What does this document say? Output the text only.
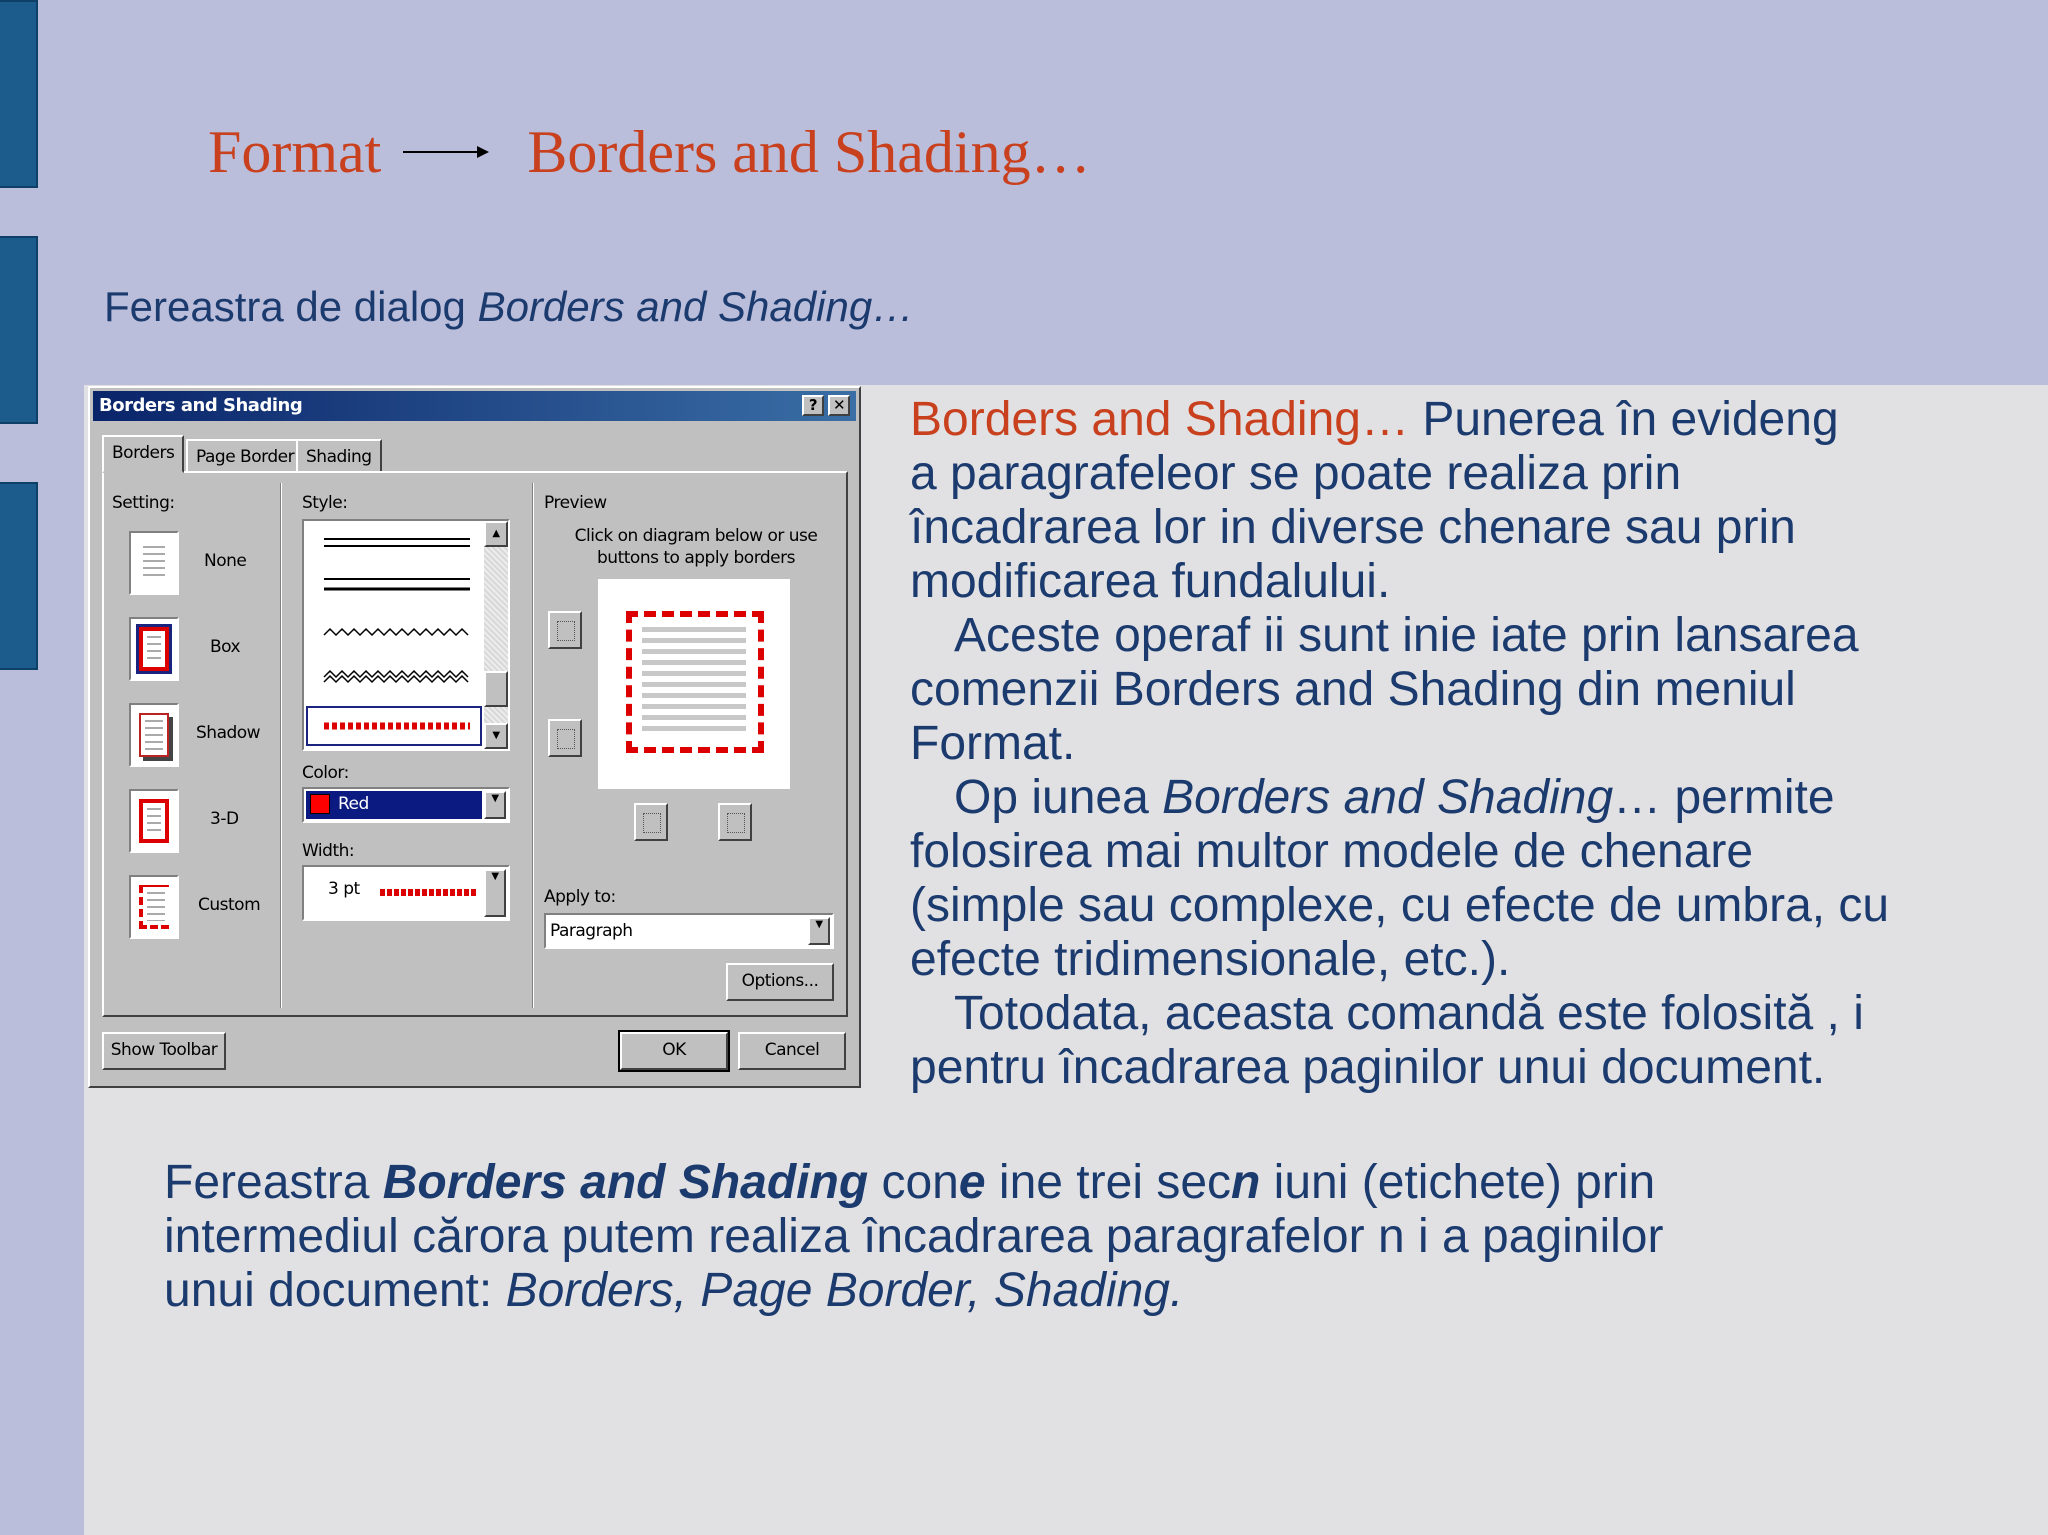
Format Borders and Shading…
Fereastra de dialog Borders and Shading…
Borders and Shading	?	✕
Borders	Page Border Shading
Setting:
None
Box
Shadow
3-D
Custom
Style:
▲
▼
Color:
Red	▼
Width:
3 pt
▼
Preview
Click on diagram below or use buttons to apply borders
Apply to:
Paragraph	▼
Options...
Show Toolbar	OK	Cancel
Borders and Shading… Punerea în evideng
a paragrafeleor se poate realiza prin
încadrarea lor in diverse chenare sau prin
modificarea fundalului.
Aceste operaf ii sunt inie iate prin lansarea
comenzii Borders and Shading din meniul
Format.
Op iunea Borders and Shading… permite
folosirea mai multor modele de chenare
(simple sau complexe, cu efecte de umbra, cu
efecte tridimensionale, etc.).
Totodata, aceasta comandă este folosită , i
pentru încadrarea paginilor unui document.
Fereastra Borders and Shading cone ine trei secn iuni (etichete) prin
intermediul cărora putem realiza încadrarea paragrafelor n i a paginilor
unui document: Borders, Page Border, Shading.
